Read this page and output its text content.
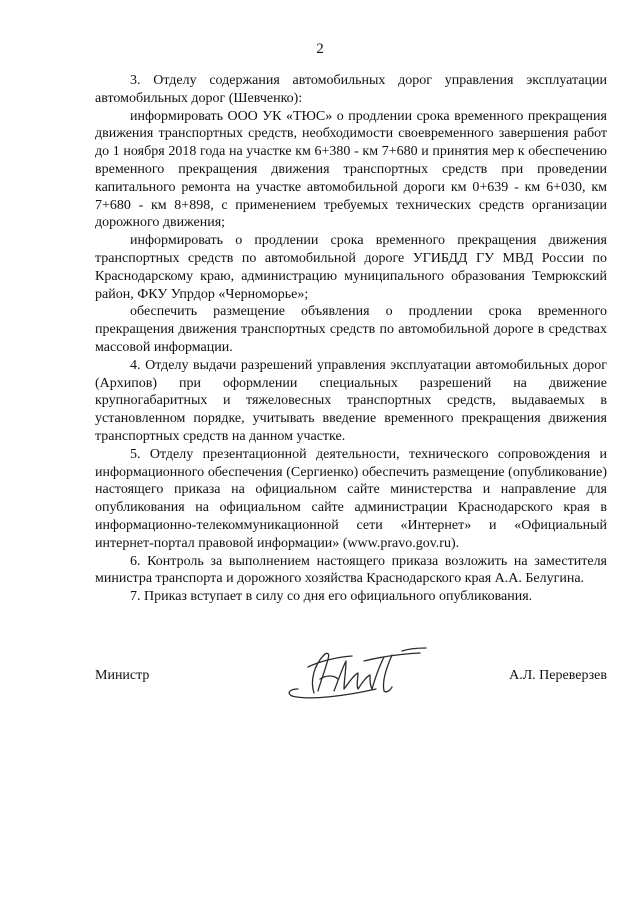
2

3. Отделу содержания автомобильных дорог управления эксплуатации автомобильных дорог (Шевченко):

информировать ООО УК «ТЮС» о продлении срока временного прекращения движения транспортных средств, необходимости своевременного завершения работ до 1 ноября 2018 года на участке км 6+380 - км 7+680 и принятия мер к обеспечению временного прекращения движения транспортных средств при проведении капитального ремонта на участке автомобильной дороги км 0+639 - км 6+030, км 7+680 - км 8+898, с применением требуемых технических средств организации дорожного движения;

информировать о продлении срока временного прекращения движения транспортных средств по автомобильной дороге УГИБДД ГУ МВД России по Краснодарскому краю, администрацию муниципального образования Темрюкский район, ФКУ Упрдор «Черноморье»;

обеспечить размещение объявления о продлении срока временного прекращения движения транспортных средств по автомобильной дороге в средствах массовой информации.

4. Отделу выдачи разрешений управления эксплуатации автомобильных дорог (Архипов) при оформлении специальных разрешений на движение крупногабаритных и тяжеловесных транспортных средств, выдаваемых в установленном порядке, учитывать введение временного прекращения движения транспортных средств на данном участке.

5. Отделу презентационной деятельности, технического сопровождения и информационного обеспечения (Сергиенко) обеспечить размещение (опубликование) настоящего приказа на официальном сайте министерства и направление для опубликования на официальном сайте администрации Краснодарского края в информационно-телекоммуникационной сети «Интернет» и «Официальный интернет-портал правовой информации» (www.pravo.gov.ru).

6. Контроль за выполнением настоящего приказа возложить на заместителя министра транспорта и дорожного хозяйства Краснодарского края А.А. Белугина.

7. Приказ вступает в силу со дня его официального опубликования.

Министр	А.Л. Переверзев
